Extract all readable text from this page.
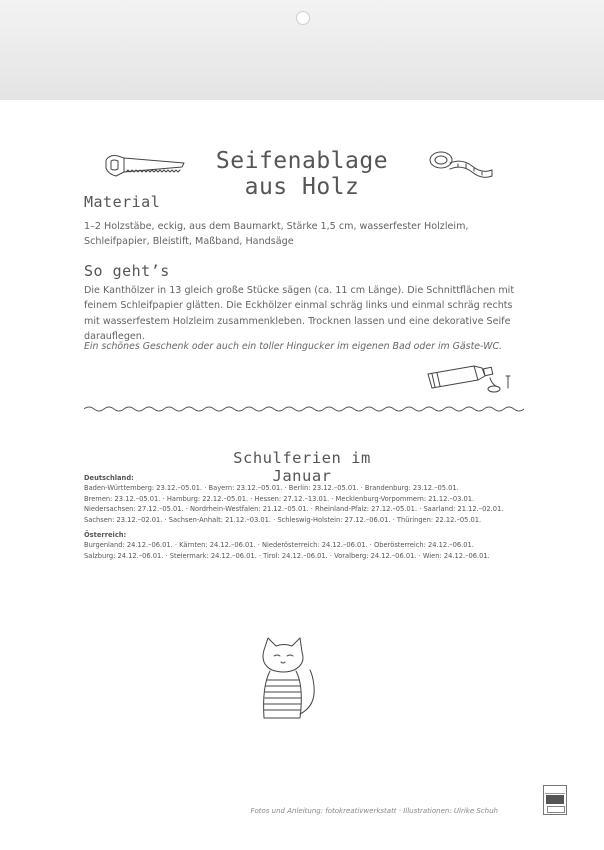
Seifenablage aus Holz
Material

1–2 Holzstäbe, eckig, aus dem Baumarkt, Stärke 1,5 cm, wasserfester Holzleim, Schleifpapier, Bleistift, Maßband, Handsäge

So geht’s

Die Kanthölzer in 13 gleich große Stücke sägen (ca. 11 cm Länge). Die Schnittflächen mit feinem Schleifpapier glätten. Die Eckhölzer einmal schräg links und einmal schräg rechts mit wasserfestem Holzleim zusammenkleben. Trocknen lassen und eine dekorative Seife darauflegen.

Ein schönes Geschenk oder auch ein toller Hingucker im eigenen Bad oder im Gäste-WC.

Schulferien im Januar
Deutschland:
Baden-Württemberg: 23.12.–05.01. · Bayern: 23.12.–05.01. · Berlin: 23.12.–05.01. · Brandenburg: 23.12.–05.01.
Bremen: 23.12.–05.01. · Hamburg: 22.12.–05.01. · Hessen: 27.12.–13.01. · Mecklenburg-Vorpommern: 21.12.–03.01.
Niedersachsen: 27.12.–05.01. · Nordrhein-Westfalen: 21.12.–05.01. · Rheinland-Pfalz: 27.12.–05.01. · Saarland: 21.12.–02.01.
Sachsen: 23.12.–02.01. · Sachsen-Anhalt: 21.12.–03.01. · Schleswig-Holstein: 27.12.–06.01. · Thüringen: 22.12.–05.01.
Österreich:
Burgenland: 24.12.–06.01. · Kärnten: 24.12.–06.01. · Niederösterreich: 24.12.–06.01. · Oberösterreich: 24.12.–06.01.
Salzburg: 24.12.–06.01. · Steiermark: 24.12.–06.01. · Tirol: 24.12.–06.01. · Voralberg: 24.12.–06.01. · Wien: 24.12.–06.01.
Fotos und Anleitung: fotokreativwerkstatt · Illustrationen: Ulrike Schuh
